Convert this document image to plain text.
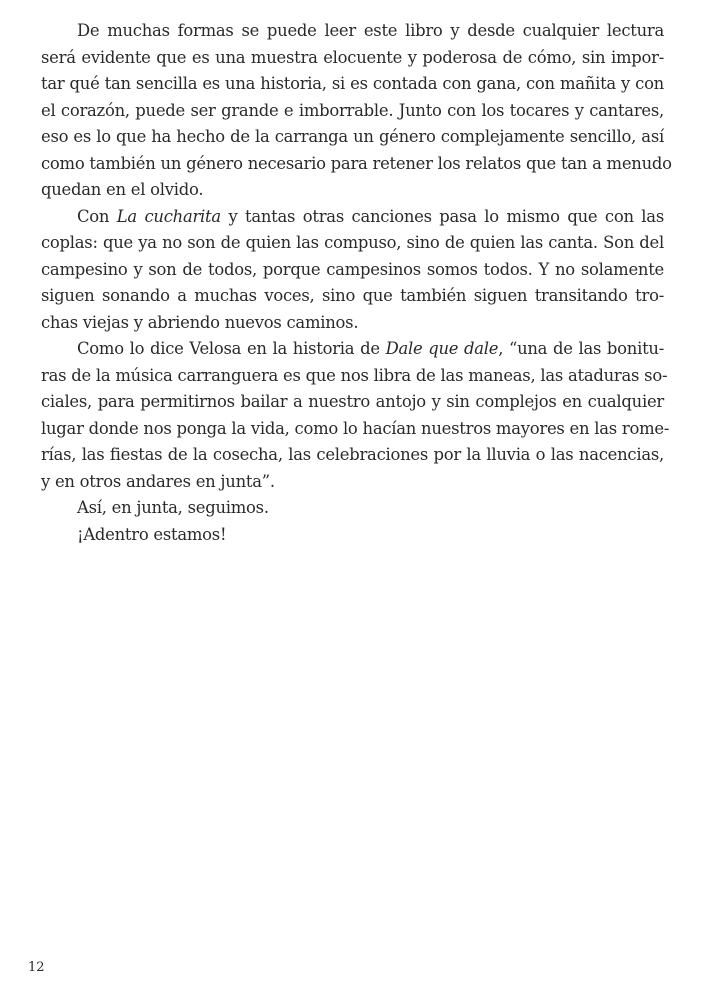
De muchas formas se puede leer este libro y desde cualquier lectura
será evidente que es una muestra elocuente y poderosa de cómo, sin impor-
tar qué tan sencilla es una historia, si es contada con gana, con mañita y con
el corazón, puede ser grande e imborrable. Junto con los tocares y cantares,
eso es lo que ha hecho de la carranga un género complejamente sencillo, así
como también un género necesario para retener los relatos que tan a menudo
quedan en el olvido.
Con La cucharita y tantas otras canciones pasa lo mismo que con las
coplas: que ya no son de quien las compuso, sino de quien las canta. Son del
campesino y son de todos, porque campesinos somos todos. Y no solamente
siguen sonando a muchas voces, sino que también siguen transitando tro-
chas viejas y abriendo nuevos caminos.
Como lo dice Velosa en la historia de Dale que dale, “una de las bonitu-
ras de la música carranguera es que nos libra de las maneas, las ataduras so-
ciales, para permitirnos bailar a nuestro antojo y sin complejos en cualquier
lugar donde nos ponga la vida, como lo hacían nuestros mayores en las rome-
rías, las fiestas de la cosecha, las celebraciones por la lluvia o las nacencias,
y en otros andares en junta”.
Así, en junta, seguimos.
¡Adentro estamos!
12
